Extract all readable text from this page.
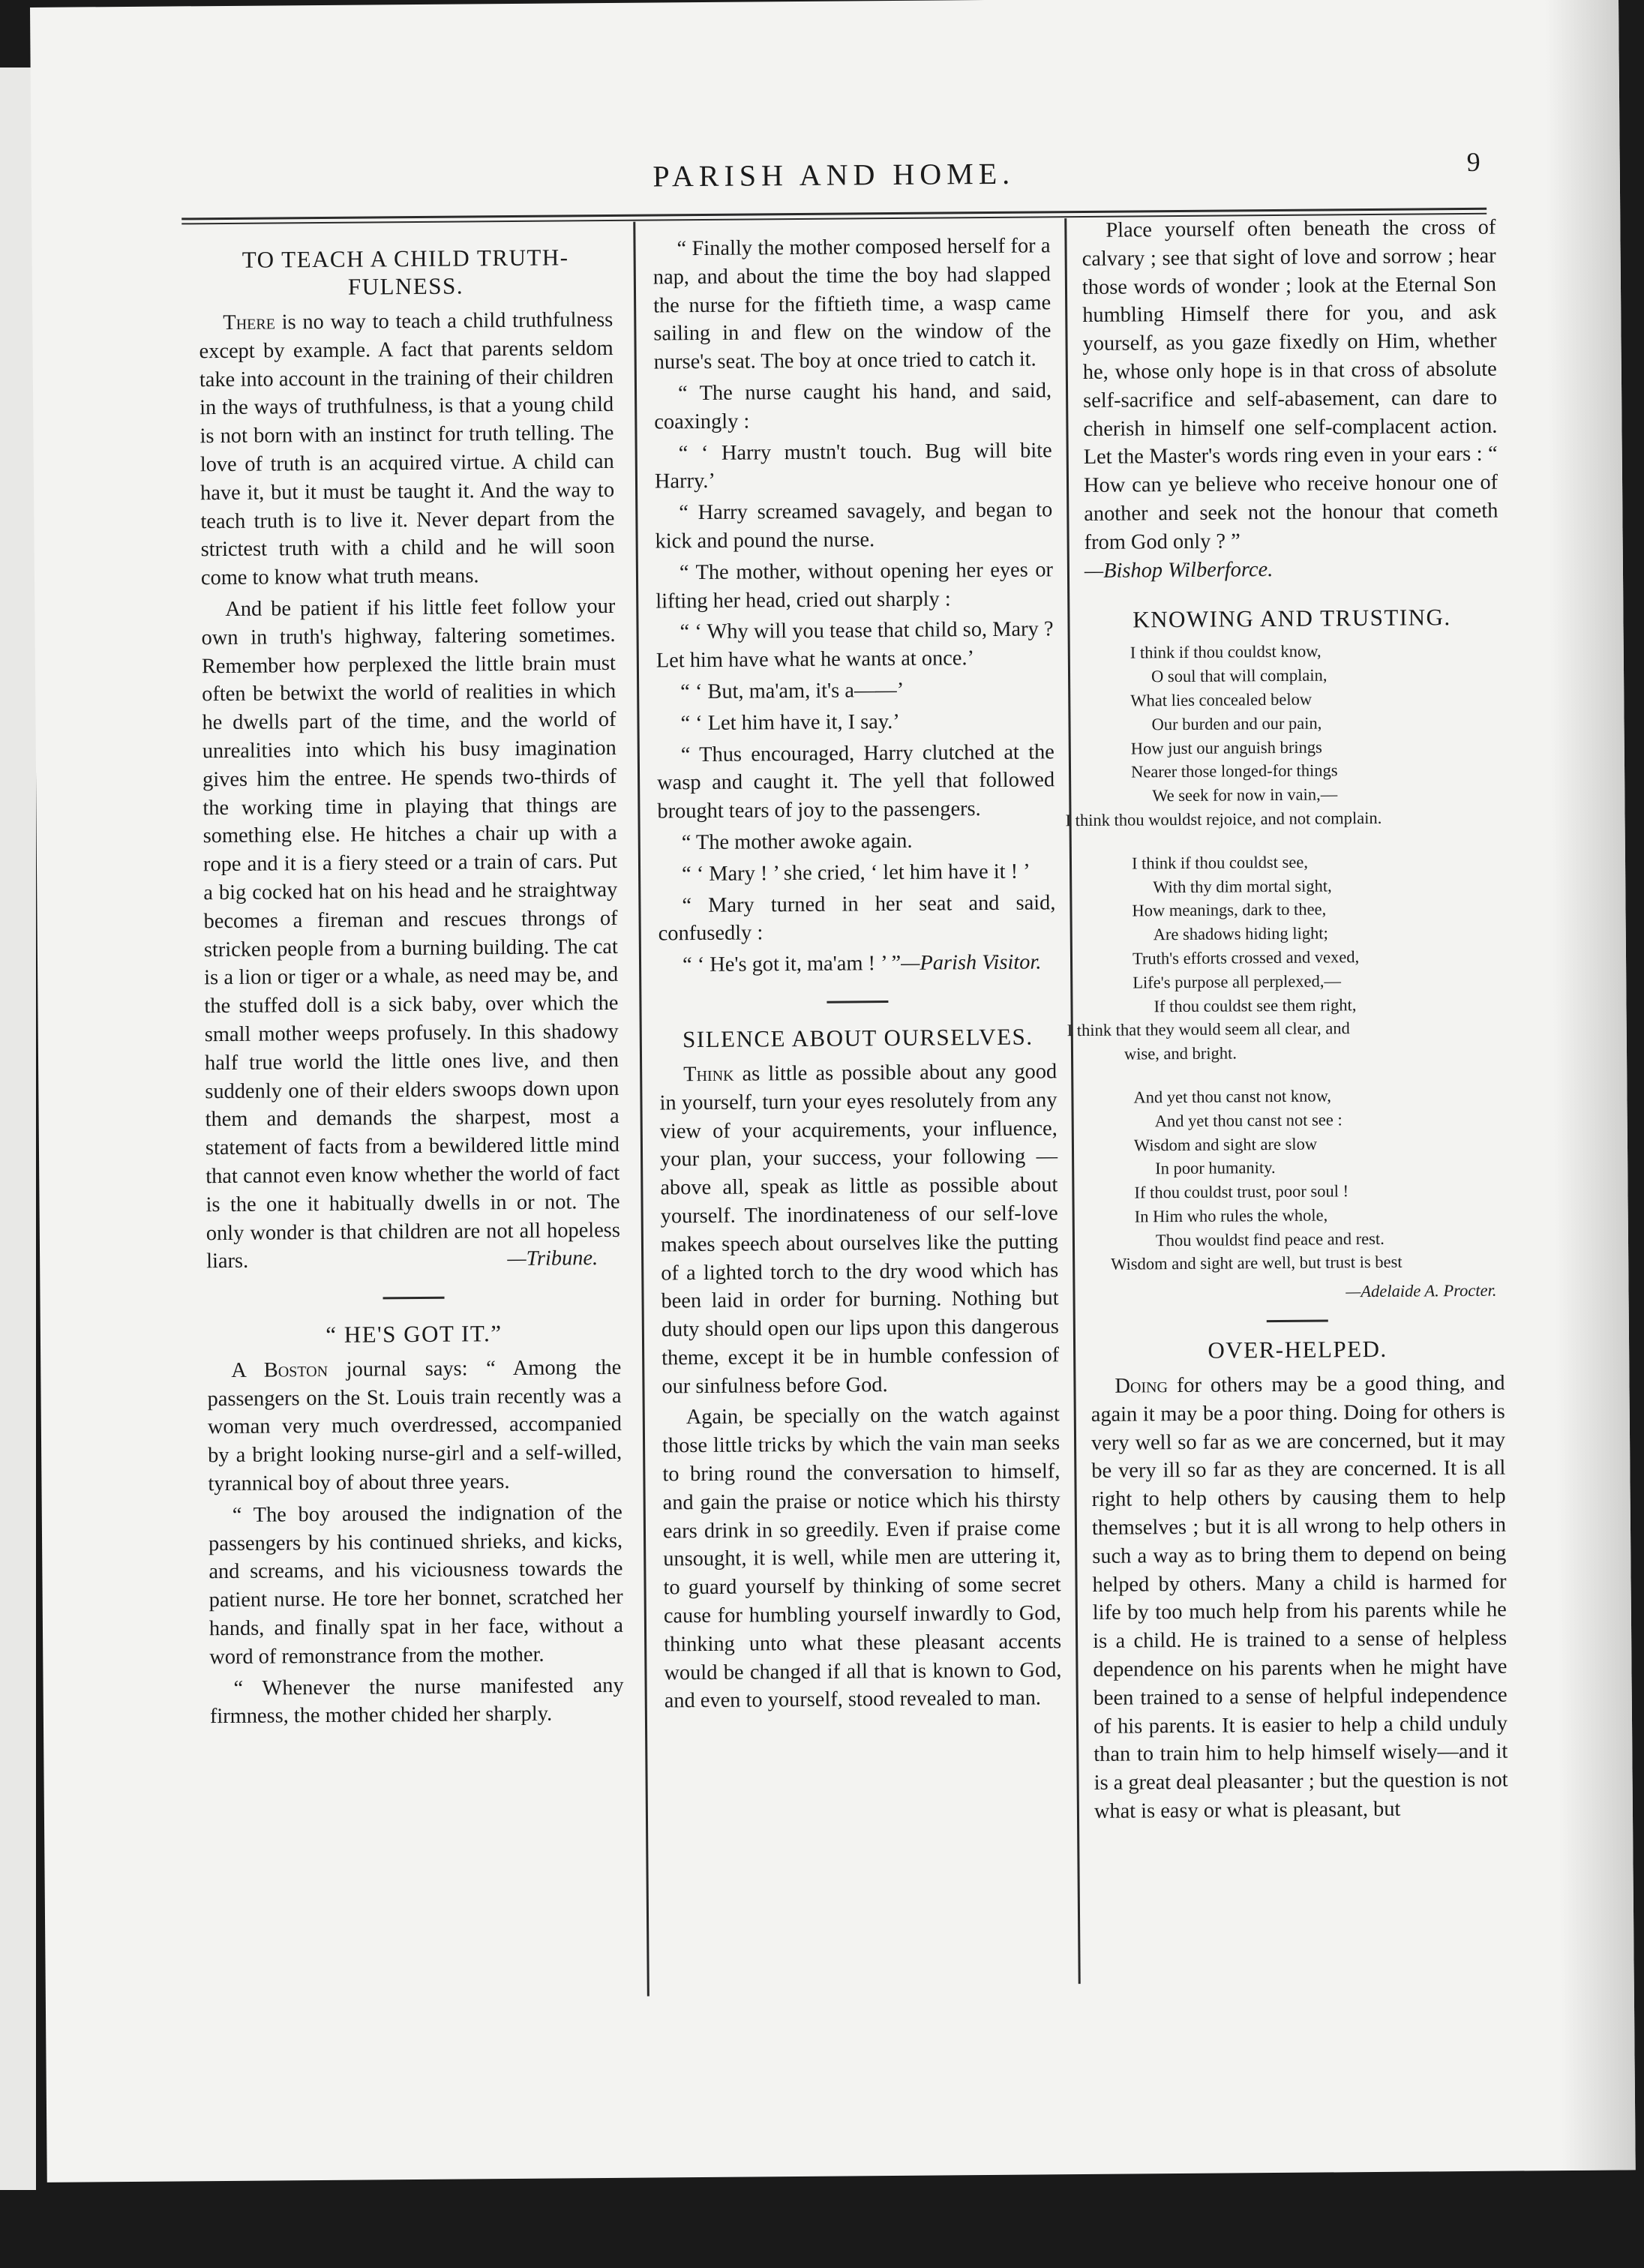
PARISH AND HOME.	9
TO TEACH A CHILD TRUTH-FULNESS.

There is no way to teach a child truthfulness except by example. A fact that parents seldom take into account in the training of their children in the ways of truthfulness, is that a young child is not born with an instinct for truth telling. The love of truth is an acquired virtue. A child can have it, but it must be taught it. And the way to teach truth is to live it. Never depart from the strictest truth with a child and he will soon come to know what truth means.

And be patient if his little feet follow your own in truth's highway, faltering sometimes. Remember how perplexed the little brain must often be betwixt the world of realities in which he dwells part of the time, and the world of unrealities into which his busy imagination gives him the entree. He spends two-thirds of the working time in playing that things are something else. He hitches a chair up with a rope and it is a fiery steed or a train of cars. Put a big cocked hat on his head and he straightway becomes a fireman and rescues throngs of stricken people from a burning building. The cat is a lion or tiger or a whale, as need may be, and the stuffed doll is a sick baby, over which the small mother weeps profusely. In this shadowy half true world the little ones live, and then suddenly one of their elders swoops down upon them and demands the sharpest, most a statement of facts from a bewildered little mind that cannot even know whether the world of fact is the one it habitually dwells in or not. The only wonder is that children are not all hopeless liars.	—Tribune.

“ HE'S GOT IT.”

A Boston journal says: “ Among the passengers on the St. Louis train recently was a woman very much overdressed, accompanied by a bright looking nurse-girl and a self-willed, tyrannical boy of about three years.

“ The boy aroused the indignation of the passengers by his continued shrieks, and kicks, and screams, and his viciousness towards the patient nurse. He tore her bonnet, scratched her hands, and finally spat in her face, without a word of remonstrance from the mother.

“ Whenever the nurse manifested any firmness, the mother chided her sharply.

“ Finally the mother composed herself for a nap, and about the time the boy had slapped the nurse for the fiftieth time, a wasp came sailing in and flew on the window of the nurse's seat. The boy at once tried to catch it.

“ The nurse caught his hand, and said, coaxingly :

“ ‘ Harry mustn't touch. Bug will bite Harry.’

“ Harry screamed savagely, and began to kick and pound the nurse.

“ The mother, without opening her eyes or lifting her head, cried out sharply :

“ ‘ Why will you tease that child so, Mary ? Let him have what he wants at once.’

“ ‘ But, ma'am, it's a——’

“ ‘ Let him have it, I say.’

“ Thus encouraged, Harry clutched at the wasp and caught it. The yell that followed brought tears of joy to the passengers.

“ The mother awoke again.

“ ‘ Mary ! ’ she cried, ‘ let him have it ! ’

“ Mary turned in her seat and said, confusedly :

“ ‘ He's got it, ma'am ! ’ ”—Parish Visitor.

SILENCE ABOUT OURSELVES.

Think as little as possible about any good in yourself, turn your eyes resolutely from any view of your acquirements, your influence, your plan, your success, your following — above all, speak as little as possible about yourself. The inordinateness of our self-love makes speech about ourselves like the putting of a lighted torch to the dry wood which has been laid in order for burning. Nothing but duty should open our lips upon this dangerous theme, except it be in humble confession of our sinfulness before God.

Again, be specially on the watch against those little tricks by which the vain man seeks to bring round the conversation to himself, and gain the praise or notice which his thirsty ears drink in so greedily. Even if praise come unsought, it is well, while men are uttering it, to guard yourself by thinking of some secret cause for humbling yourself inwardly to God, thinking unto what these pleasant accents would be changed if all that is known to God, and even to yourself, stood revealed to man.

Place yourself often beneath the cross of calvary ; see that sight of love and sorrow ; hear those words of wonder ; look at the Eternal Son humbling Himself there for you, and ask yourself, as you gaze fixedly on Him, whether he, whose only hope is in that cross of absolute self-sacrifice and self-abasement, can dare to cherish in himself one self-complacent action. Let the Master's words ring even in your ears : “ How can ye believe who receive honour one of another and seek not the honour that cometh from God only ? ”

—Bishop Wilberforce.

KNOWING AND TRUSTING.
I think if thou couldst know,
O soul that will complain,
What lies concealed below
Our burden and our pain,
How just our anguish brings
Nearer those longed-for things
We seek for now in vain,—
I think thou wouldst rejoice, and not complain.
I think if thou couldst see,
With thy dim mortal sight,
How meanings, dark to thee,
Are shadows hiding light;
Truth's efforts crossed and vexed,
Life's purpose all perplexed,—
If thou couldst see them right,
I think that they would seem all clear, and
wise, and bright.
And yet thou canst not know,
And yet thou canst not see :
Wisdom and sight are slow
In poor humanity.
If thou couldst trust, poor soul !
In Him who rules the whole,
Thou wouldst find peace and rest.
Wisdom and sight are well, but trust is best
—Adelaide A. Procter.
OVER-HELPED.

Doing for others may be a good thing, and again it may be a poor thing. Doing for others is very well so far as we are concerned, but it may be very ill so far as they are concerned. It is all right to help others by causing them to help themselves ; but it is all wrong to help others in such a way as to bring them to depend on being helped by others. Many a child is harmed for life by too much help from his parents while he is a child. He is trained to a sense of helpless dependence on his parents when he might have been trained to a sense of helpful independence of his parents. It is easier to help a child unduly than to train him to help himself wisely—and it is a great deal pleasanter ; but the question is not what is easy or what is pleasant, but
